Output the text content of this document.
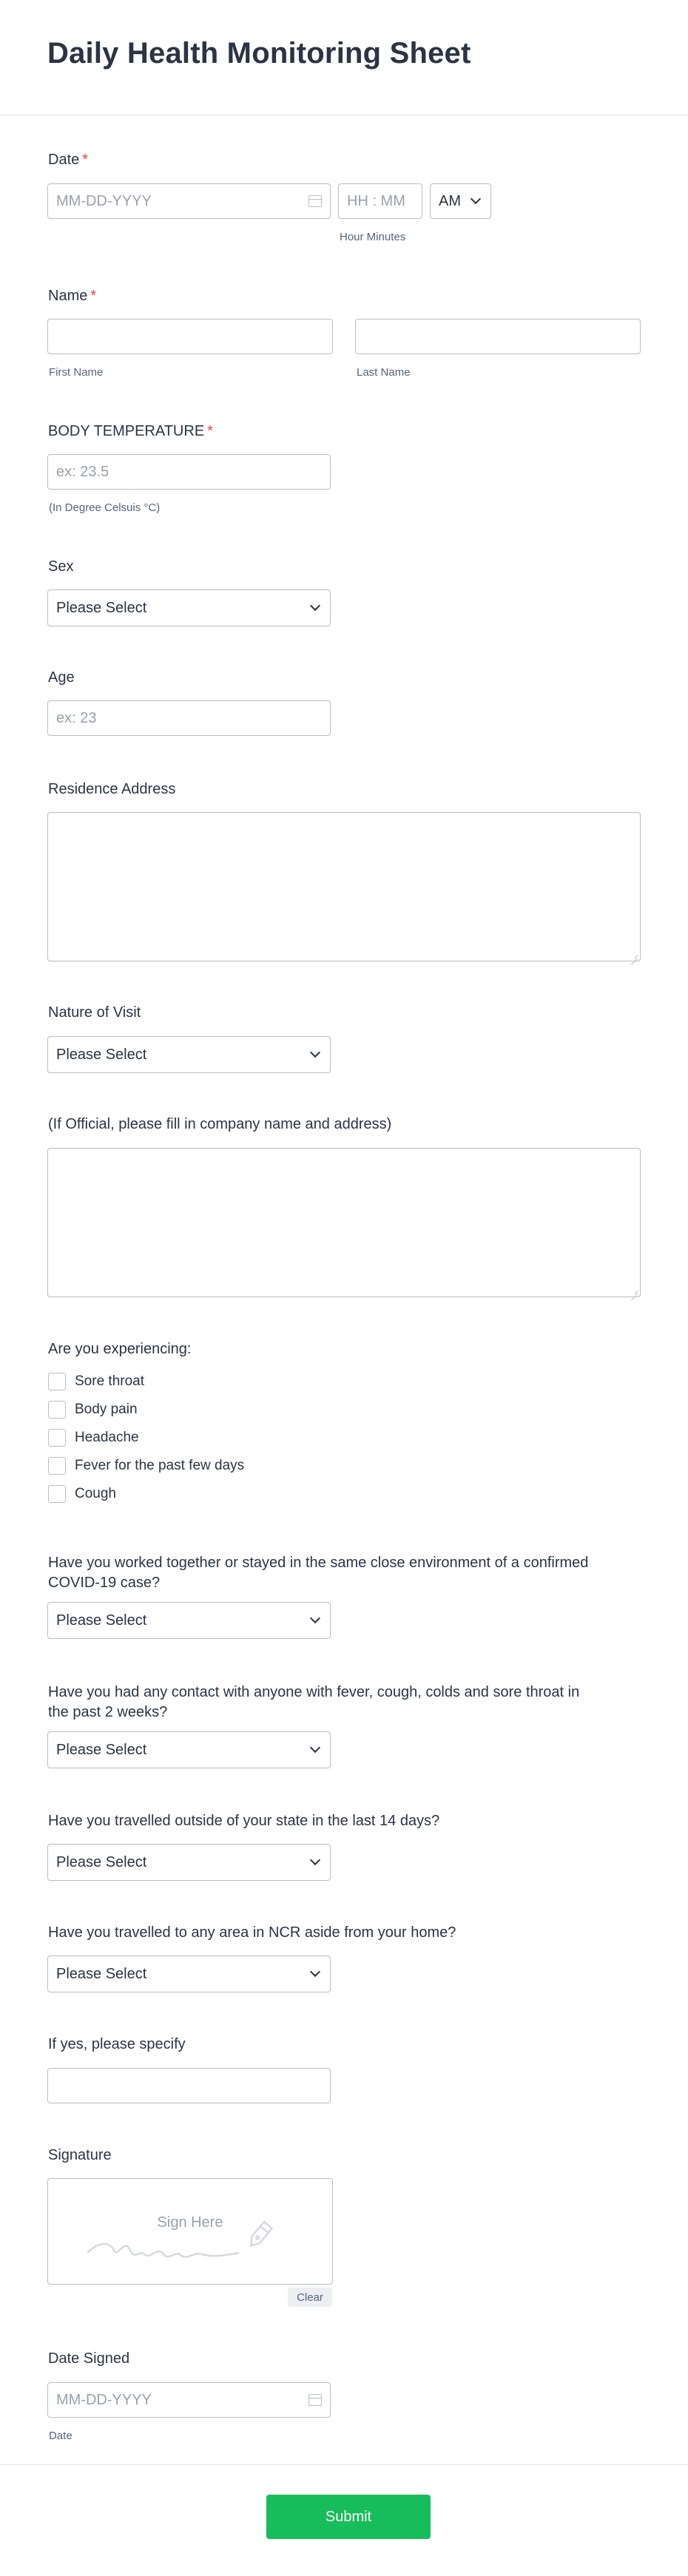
Daily Health Monitoring Sheet
Date *
MM-DD-YYYY	HH : MM AM
Hour Minutes
Name *
First Name	Last Name
BODY TEMPERATURE *
ex: 23.5
(In Degree Celsuis °C)
Sex
Please Select
Age
ex: 23
Residence Address
Nature of Visit
Please Select
(If Official, please fill in company name and address)
Are you experiencing:
Sore throat
Body pain
Headache
Fever for the past few days
Cough
Have you worked together or stayed in the same close environment of a confirmed
COVID-19 case?
Please Select
Have you had any contact with anyone with fever, cough, colds and sore throat in
the past 2 weeks?
Please Select
Have you travelled outside of your state in the last 14 days?
Please Select
Have you travelled to any area in NCR aside from your home?
Please Select
If yes, please specify
Signature
Sign Here
Clear
Date Signed
MM-DD-YYYY
Date
Submit
